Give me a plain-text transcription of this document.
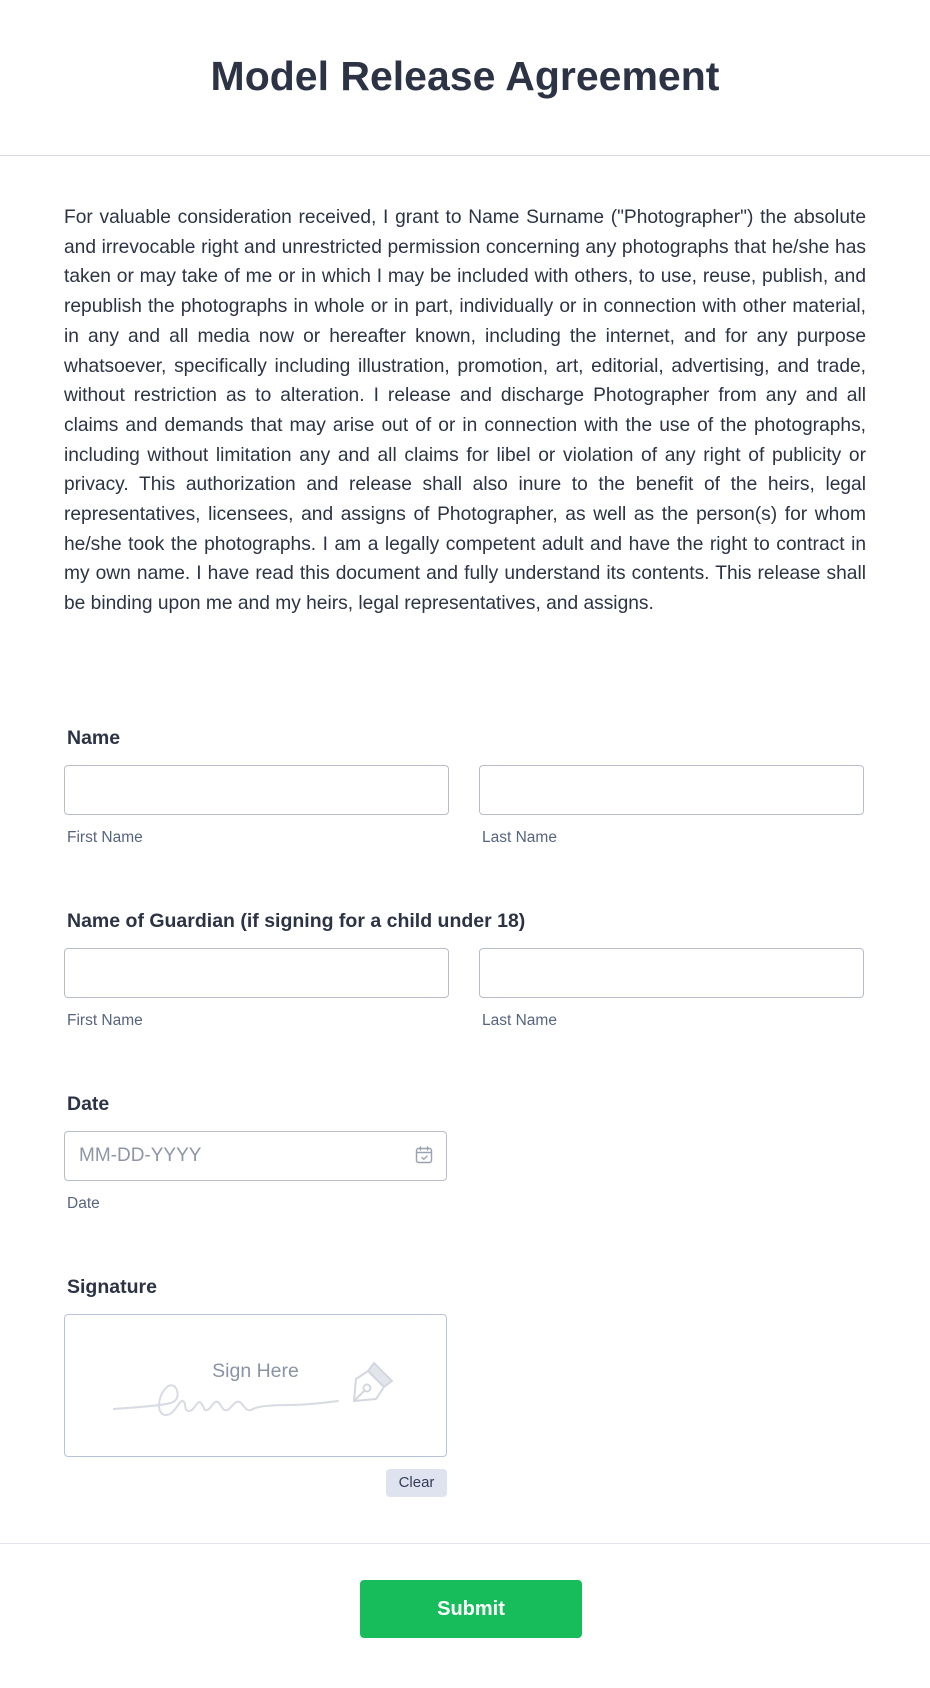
Model Release Agreement

For valuable consideration received, I grant to Name Surname ("Photographer") the absolute and irrevocable right and unrestricted permission concerning any photographs that he/she has taken or may take of me or in which I may be included with others, to use, reuse, publish, and republish the photographs in whole or in part, individually or in connection with other material, in any and all media now or hereafter known, including the internet, and for any purpose whatsoever, specifically including illustration, promotion, art, editorial, advertising, and trade, without restriction as to alteration. I release and discharge Photographer from any and all claims and demands that may arise out of or in connection with the use of the photographs, including without limitation any and all claims for libel or violation of any right of publicity or privacy. This authorization and release shall also inure to the benefit of the heirs, legal representatives, licensees, and assigns of Photographer, as well as the person(s) for whom he/she took the photographs. I am a legally competent adult and have the right to contract in my own name. I have read this document and fully understand its contents. This release shall be binding upon me and my heirs, legal representatives, and assigns.

Name
First Name	Last Name
Name of Guardian (if signing for a child under 18)
First Name	Last Name
Date
MM-DD-YYYY
Date
Signature
Sign Here
Clear
Submit
